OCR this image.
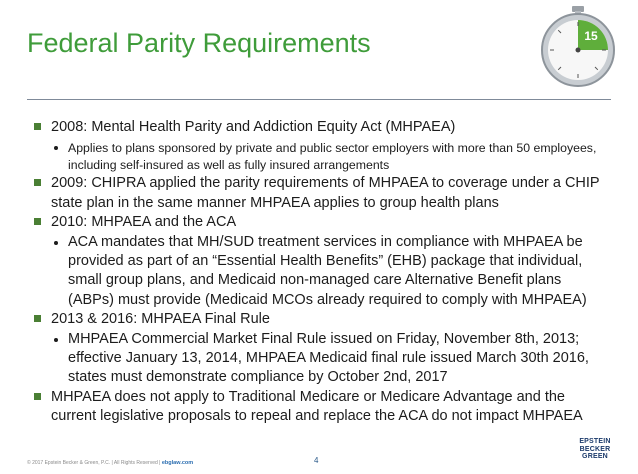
Federal Parity Requirements	15
2008: Mental Health Parity and Addiction Equity Act (MHPAEA)
Applies to plans sponsored by private and public sector employers with more than 50 employees, including self-insured as well as fully insured arrangements
2009: CHIPRA applied the parity requirements of MHPAEA to coverage under a CHIP state plan in the same manner MHPAEA applies to group health plans
2010: MHPAEA and the ACA
ACA mandates that MH/SUD treatment services in compliance with MHPAEA be provided as part of an “Essential Health Benefits” (EHB) package that individual, small group plans, and Medicaid non-managed care Alternative Benefit plans (ABPs) must provide (Medicaid MCOs already required to comply with MHPAEA)
2013 & 2016: MHPAEA Final Rule
MHPAEA Commercial Market Final Rule issued on Friday, November 8th, 2013; effective January 13, 2014, MHPAEA Medicaid final rule issued March 30th 2016, states must demonstrate compliance by October 2nd, 2017
MHPAEA does not apply to Traditional Medicare or Medicare Advantage and the current legislative proposals to repeal and replace the ACA do not impact MHPAEA
© 2017 Epstein Becker & Green, P.C. | All Rights Reserved | ebglaw.com	4
EPSTEIN
BECKER
GREEN
